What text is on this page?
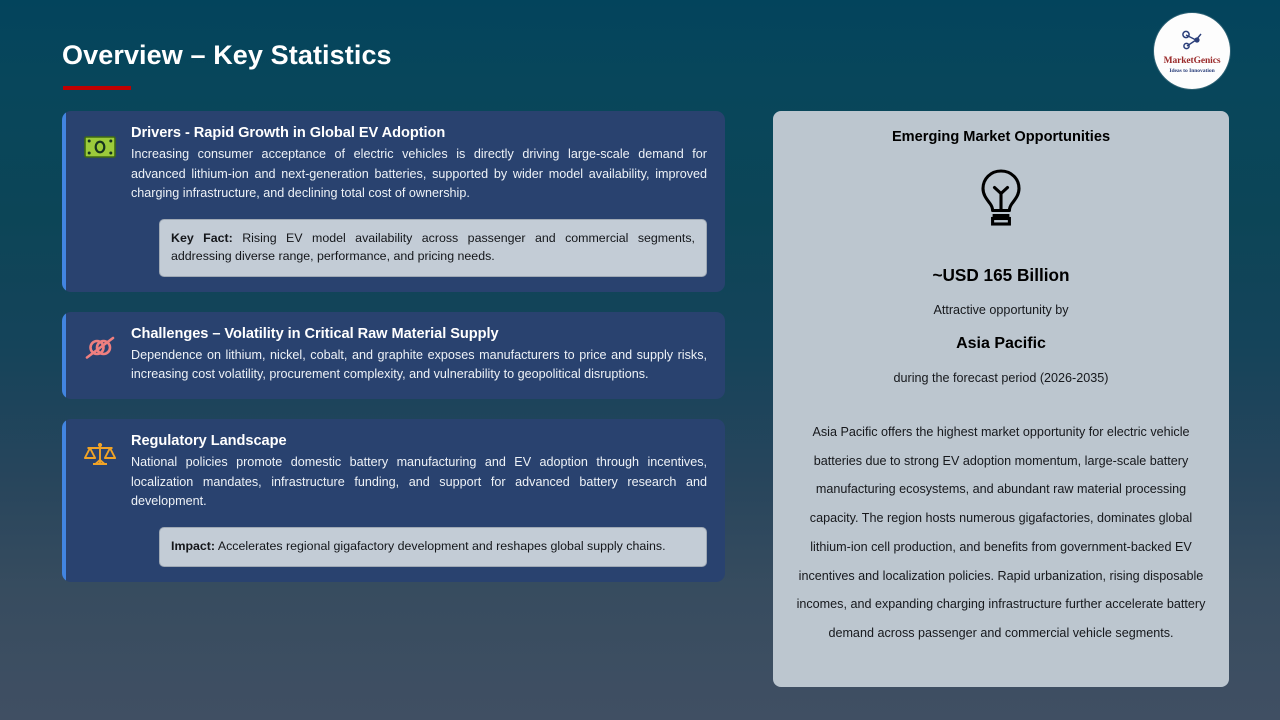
Overview – Key Statistics	MarketGenics
Ideas to Innovation
Drivers - Rapid Growth in Global EV Adoption
Increasing consumer acceptance of electric vehicles is directly driving large-scale demand for advanced lithium-ion and next-generation batteries, supported by wider model availability, improved charging infrastructure, and declining total cost of ownership.
Key Fact: Rising EV model availability across passenger and commercial segments, addressing diverse range, performance, and pricing needs.
Challenges – Volatility in Critical Raw Material Supply
Dependence on lithium, nickel, cobalt, and graphite exposes manufacturers to price and supply risks, increasing cost volatility, procurement complexity, and vulnerability to geopolitical disruptions.
Regulatory Landscape
National policies promote domestic battery manufacturing and EV adoption through incentives, localization mandates, infrastructure funding, and support for advanced battery research and development.
Impact: Accelerates regional gigafactory development and reshapes global supply chains.
Emerging Market Opportunities
~USD 165 Billion
Attractive opportunity by
Asia Pacific
during the forecast period (2026-2035)
Asia Pacific offers the highest market opportunity for electric vehicle batteries due to strong EV adoption momentum, large-scale battery manufacturing ecosystems, and abundant raw material processing capacity. The region hosts numerous gigafactories, dominates global lithium-ion cell production, and benefits from government-backed EV incentives and localization policies. Rapid urbanization, rising disposable incomes, and expanding charging infrastructure further accelerate battery demand across passenger and commercial vehicle segments.
